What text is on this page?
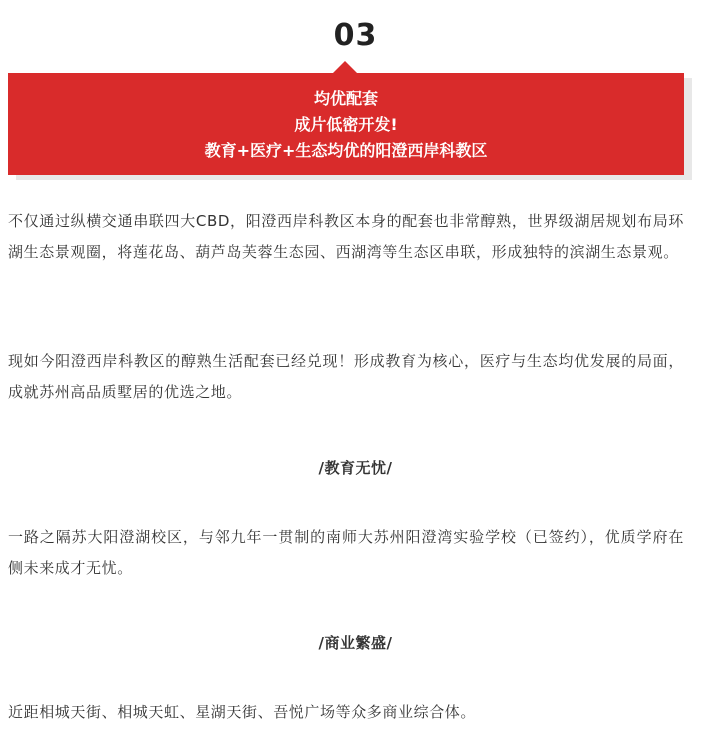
03
均优配套
成片低密开发!
教育+医疗+生态均优的阳澄西岸科教区

不仅通过纵横交通串联四大CBD，阳澄西岸科教区本身的配套也非常醇熟，世界级湖居规划布局环湖生态景观圈，将莲花岛、葫芦岛芙蓉生态园、西湖湾等生态区串联，形成独特的滨湖生态景观。

现如今阳澄西岸科教区的醇熟生活配套已经兑现！形成教育为核心，医疗与生态均优发展的局面，成就苏州高品质墅居的优选之地。

/教育无忧/

一路之隔苏大阳澄湖校区，与邻九年一贯制的南师大苏州阳澄湾实验学校（已签约），优质学府在侧未来成才无忧。

/商业繁盛/

近距相城天街、相城天虹、星湖天街、吾悦广场等众多商业综合体。
